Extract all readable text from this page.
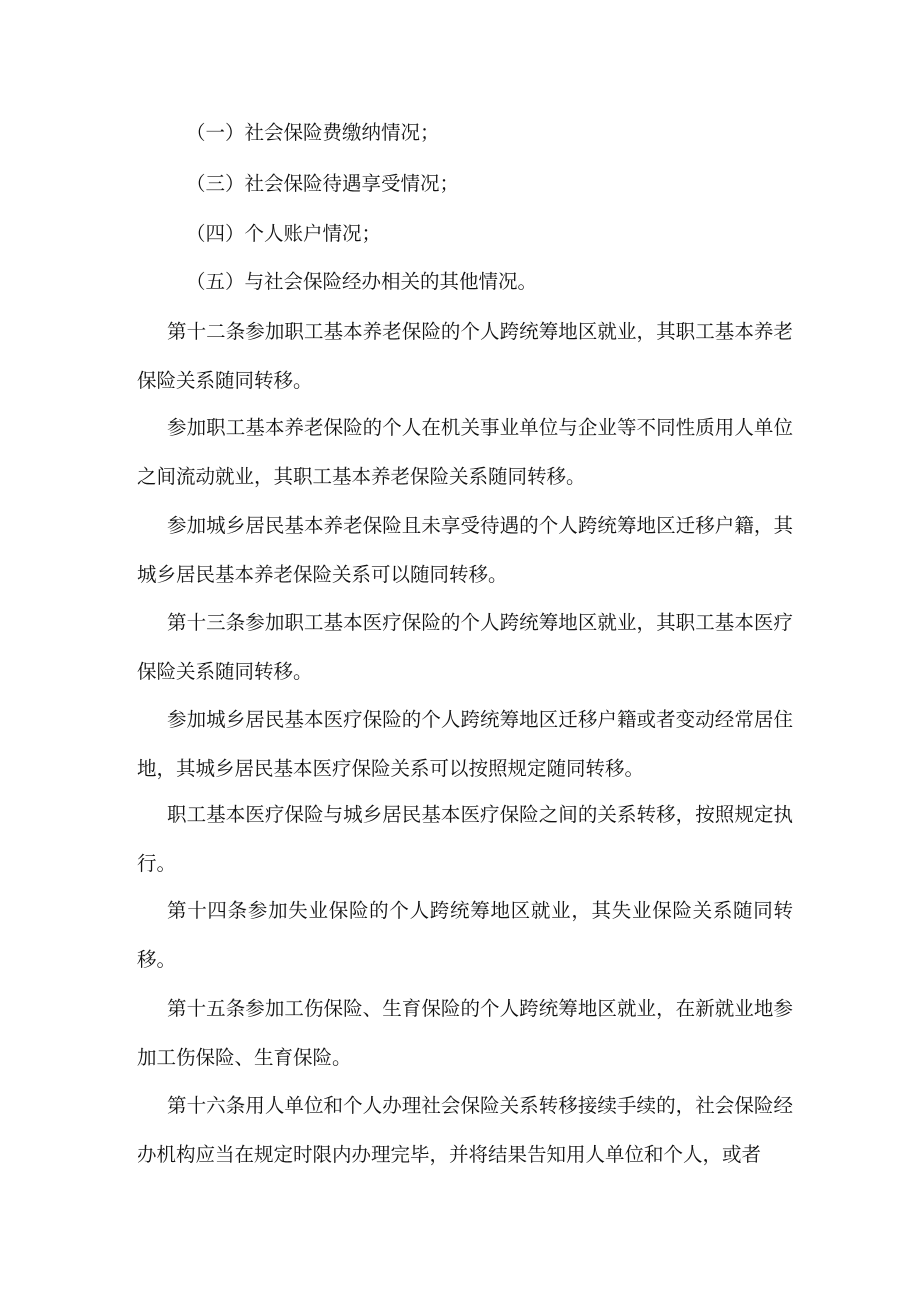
（一）社会保险费缴纳情况；

（三）社会保险待遇享受情况；

（四）个人账户情况；

（五）与社会保险经办相关的其他情况。

第十二条参加职工基本养老保险的个人跨统筹地区就业，其职工基本养老保险关系随同转移。

参加职工基本养老保险的个人在机关事业单位与企业等不同性质用人单位之间流动就业，其职工基本养老保险关系随同转移。

参加城乡居民基本养老保险且未享受待遇的个人跨统筹地区迁移户籍，其城乡居民基本养老保险关系可以随同转移。

第十三条参加职工基本医疗保险的个人跨统筹地区就业，其职工基本医疗保险关系随同转移。

参加城乡居民基本医疗保险的个人跨统筹地区迁移户籍或者变动经常居住地，其城乡居民基本医疗保险关系可以按照规定随同转移。

职工基本医疗保险与城乡居民基本医疗保险之间的关系转移，按照规定执行。

第十四条参加失业保险的个人跨统筹地区就业，其失业保险关系随同转移。

第十五条参加工伤保险、生育保险的个人跨统筹地区就业，在新就业地参加工伤保险、生育保险。

第十六条用人单位和个人办理社会保险关系转移接续手续的，社会保险经办机构应当在规定时限内办理完毕，并将结果告知用人单位和个人，或者
